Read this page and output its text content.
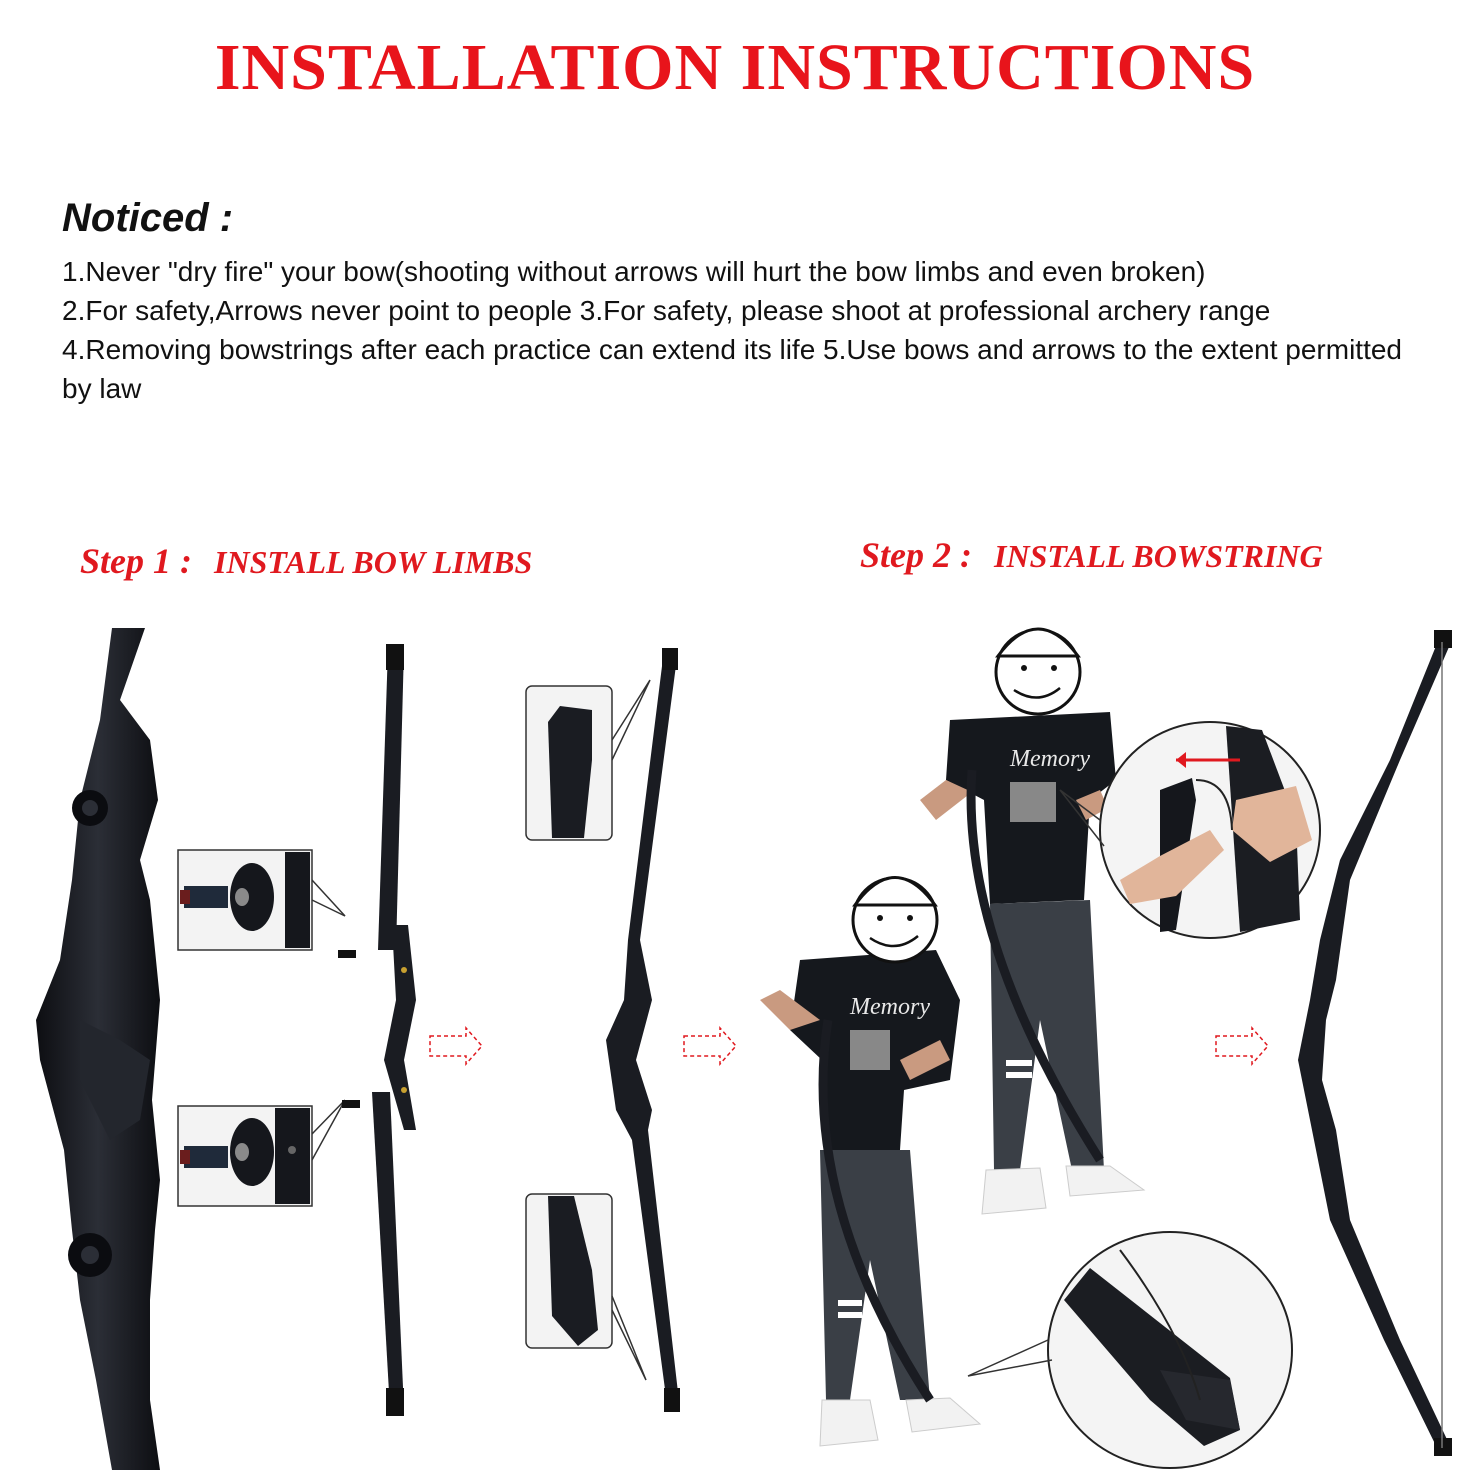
INSTALLATION INSTRUCTIONS
Noticed :
1.Never "dry fire" your bow(shooting without arrows will hurt the bow limbs and even broken)
2.For safety,Arrows never point to people 3.For safety, please shoot at professional archery range
4.Removing bowstrings after each practice can extend its life 5.Use bows and arrows to the extent permitted by law
Step 1 : INSTALL BOW LIMBS	Step 2 : INSTALL BOWSTRING
Memory
Memory
